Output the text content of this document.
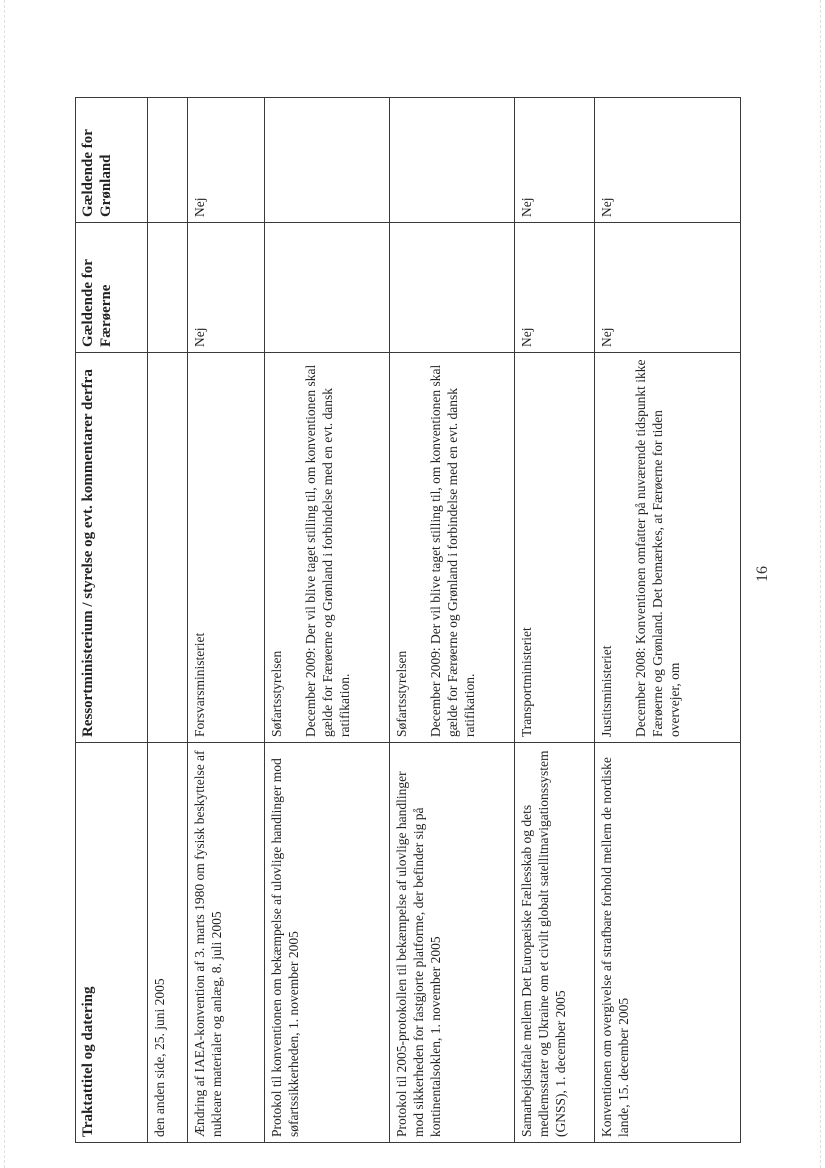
Traktattitel og datering	Ressortministerium / styrelse og evt. kommentarer derfra	Gældende for Færøerne	Gældende for Grønland
den anden side, 25. juni 2005			
Ændring af IAEA-konvention af 3. marts 1980 om fysisk beskyttelse af nukleare materialer og anlæg, 8. juli 2005	Forsvarsministeriet	Nej	Nej
Protokol til konventionen om bekæmpelse af ulovlige handlinger mod søfartssikkerheden, 1. november 2005	Søfartsstyrelsen December 2009: Der vil blive taget stilling til, om konventionen skal gælde for Færøerne og Grønland i forbindelse med en evt. dansk ratifikation.		

Protokol til 2005-protokollen til bekæmpelse af ulovlige handlinger mod sikkerheden for fastgjorte platforme, der befinder sig på kontinentalsoklen, 1. november 2005	Søfartsstyrelsen December 2009: Der vil blive taget stilling til, om konventionen skal gælde for Færøerne og Grønland i forbindelse med en evt. dansk ratifikation.		

Samarbejdsaftale mellem Det Europæiske Fællesskab og dets medlemsstater og Ukraine om et civilt globalt satellitnavigationssystem (GNSS), 1. december 2005	Transportministeriet	Nej	Nej
Konventionen om overgivelse af strafbare forhold mellem de nordiske lande, 15. december 2005	Justitsministeriet December 2008: Konventionen omfatter på nuværende tidspunkt ikke Færøerne og Grønland. Det bemærkes, at Færøerne for tiden overvejer, om	Nej	Nej
16
